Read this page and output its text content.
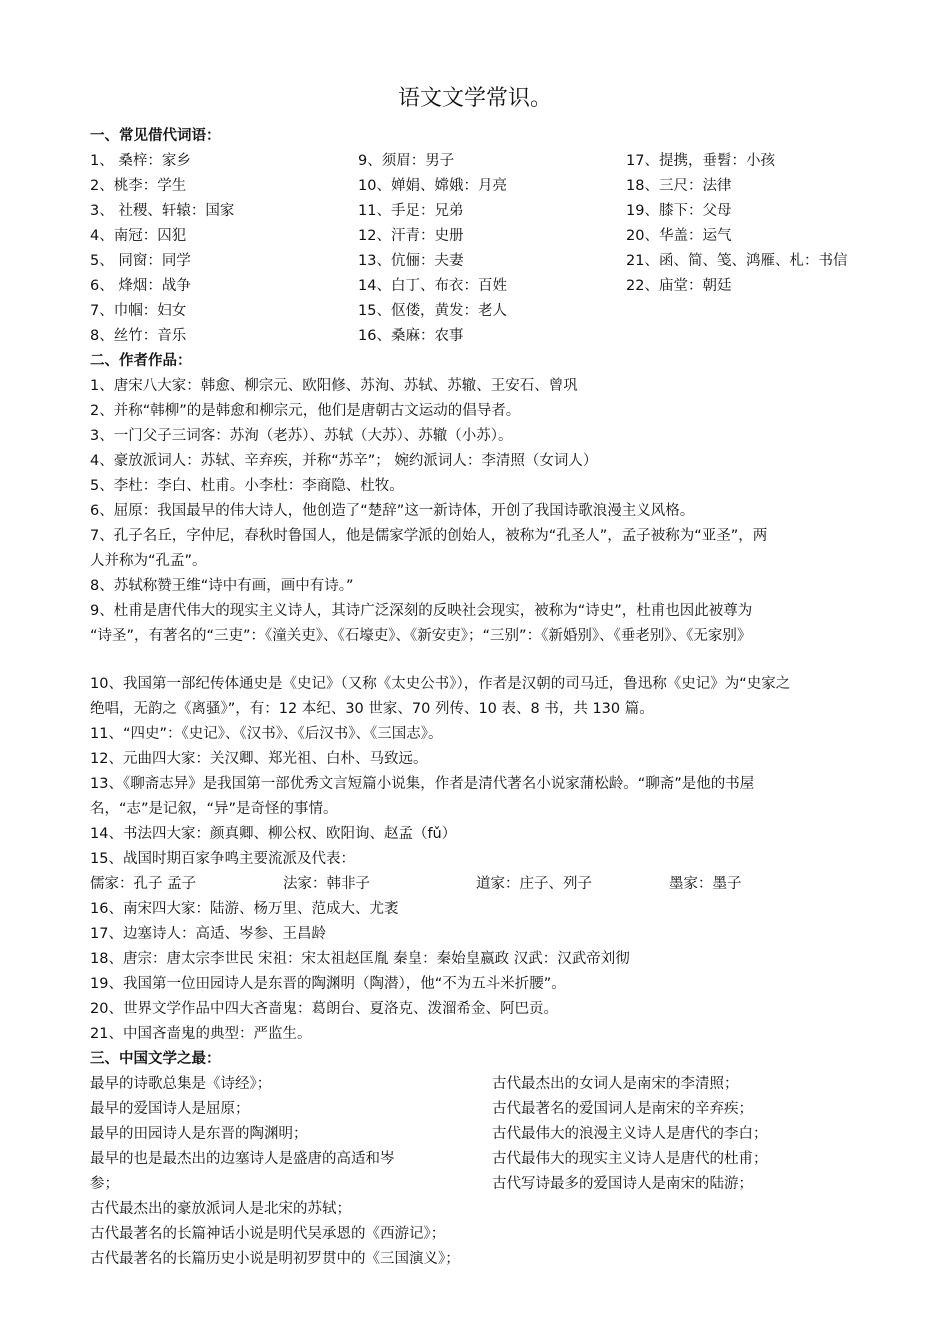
语文文学常识。
一、常见借代词语：
1、 桑梓：家乡
2、桃李：学生
3、 社稷、轩辕：国家
4、南冠：囚犯
5、 同窗：同学
6、 烽烟：战争
7、巾帼：妇女
8、丝竹：音乐
9、须眉：男子
10、婵娟、嫦娥：月亮
11、手足：兄弟
12、汗青：史册
13、伉俪：夫妻
14、白丁、布衣：百姓
15、伛偻，黄发：老人
16、桑麻：农事
17、提携，垂髫：小孩
18、三尺：法律
19、膝下：父母
20、华盖：运气
21、函、简、笺、鸿雁、札：书信
22、庙堂：朝廷
二、作者作品：
1、唐宋八大家：韩愈、柳宗元、欧阳修、苏洵、苏轼、苏辙、王安石、曾巩
2、并称“韩柳”的是韩愈和柳宗元，他们是唐朝古文运动的倡导者。
3、一门父子三词客：苏洵（老苏）、苏轼（大苏）、苏辙（小苏）。
4、豪放派词人：苏轼、辛弃疾，并称“苏辛”； 婉约派词人：李清照（女词人）
5、李杜：李白、杜甫。小李杜：李商隐、杜牧。
6、屈原：我国最早的伟大诗人，他创造了“楚辞”这一新诗体，开创了我国诗歌浪漫主义风格。
7、孔子名丘，字仲尼，春秋时鲁国人，他是儒家学派的创始人，被称为“孔圣人”，孟子被称为“亚圣”，两
人并称为“孔孟”。
8、苏轼称赞王维“诗中有画，画中有诗。”
9、杜甫是唐代伟大的现实主义诗人，其诗广泛深刻的反映社会现实，被称为“诗史”，杜甫也因此被尊为
“诗圣”，有著名的“三吏”：《潼关吏》、《石壕吏》、《新安吏》；“三别”：《新婚别》、《垂老别》、《无家别》
10、我国第一部纪传体通史是《史记》（又称《太史公书》），作者是汉朝的司马迁，鲁迅称《史记》为“史家之
绝唱，无韵之《离骚》”，有：12 本纪、30 世家、70 列传、10 表、8 书，共 130 篇。
11、“四史”：《史记》、《汉书》、《后汉书》、《三国志》。
12、元曲四大家：关汉卿、郑光祖、白朴、马致远。
13、《聊斋志异》是我国第一部优秀文言短篇小说集，作者是清代著名小说家蒲松龄。“聊斋”是他的书屋
名，“志”是记叙，“异”是奇怪的事情。
14、书法四大家：颜真卿、柳公权、欧阳询、赵孟（fǔ）
15、战国时期百家争鸣主要流派及代表：
儒家：孔子 孟子	法家：韩非子	道家：庄子、列子	墨家：墨子
16、南宋四大家：陆游、杨万里、范成大、尤袤
17、边塞诗人：高适、岑参、王昌龄
18、唐宗：唐太宗李世民 宋祖：宋太祖赵匡胤 秦皇：秦始皇嬴政 汉武：汉武帝刘彻
19、我国第一位田园诗人是东晋的陶渊明（陶潜），他“不为五斗米折腰”。
20、世界文学作品中四大吝啬鬼：葛朗台、夏洛克、泼溜希金、阿巴贡。
21、中国吝啬鬼的典型：严监生。
三、中国文学之最：
最早的诗歌总集是《诗经》；
最早的爱国诗人是屈原；
最早的田园诗人是东晋的陶渊明；
最早的也是最杰出的边塞诗人是盛唐的高适和岑
参；
古代最杰出的女词人是南宋的李清照；
古代最著名的爱国词人是南宋的辛弃疾；
古代最伟大的浪漫主义诗人是唐代的李白；
古代最伟大的现实主义诗人是唐代的杜甫；
古代写诗最多的爱国诗人是南宋的陆游；
古代最杰出的豪放派词人是北宋的苏轼；
古代最著名的长篇神话小说是明代吴承恩的《西游记》；
古代最著名的长篇历史小说是明初罗贯中的《三国演义》；
